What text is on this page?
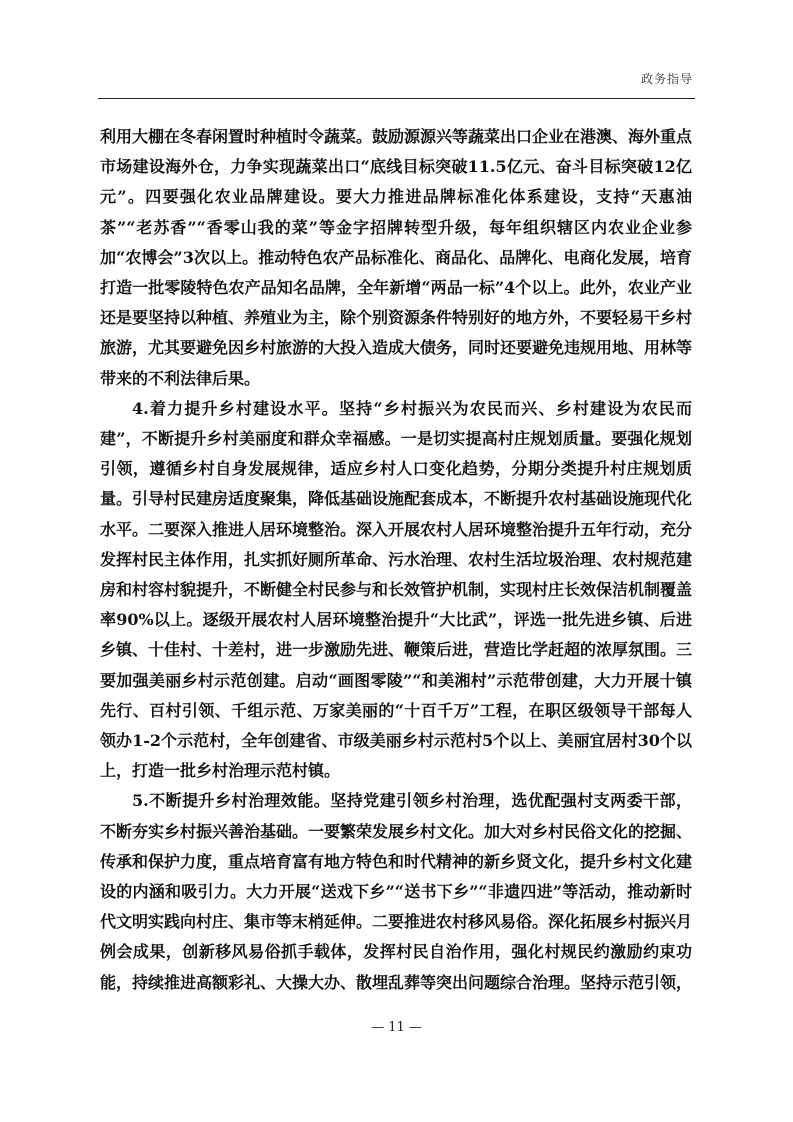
政务指导

利用大棚在冬春闲置时种植时令蔬菜。鼓励源源兴等蔬菜出口企业在港澳、海外重点市场建设海外仓，力争实现蔬菜出口“底线目标突破11.5亿元、奋斗目标突破12亿元”。四要强化农业品牌建设。要大力推进品牌标准化体系建设，支持“天惠油茶”“老苏香”“香零山我的菜”等金字招牌转型升级，每年组织辖区内农业企业参加“农博会”3次以上。推动特色农产品标准化、商品化、品牌化、电商化发展，培育打造一批零陵特色农产品知名品牌，全年新增“两品一标”4个以上。此外，农业产业还是要坚持以种植、养殖业为主，除个别资源条件特别好的地方外，不要轻易干乡村旅游，尤其要避免因乡村旅游的大投入造成大债务，同时还要避免违规用地、用林等带来的不利法律后果。

4.着力提升乡村建设水平。坚持“乡村振兴为农民而兴、乡村建设为农民而建”，不断提升乡村美丽度和群众幸福感。一是切实提高村庄规划质量。要强化规划引领，遵循乡村自身发展规律，适应乡村人口变化趋势，分期分类提升村庄规划质量。引导村民建房适度聚集，降低基础设施配套成本，不断提升农村基础设施现代化水平。二要深入推进人居环境整治。深入开展农村人居环境整治提升五年行动，充分发挥村民主体作用，扎实抓好厕所革命、污水治理、农村生活垃圾治理、农村规范建房和村容村貌提升，不断健全村民参与和长效管护机制，实现村庄长效保洁机制覆盖率90%以上。逐级开展农村人居环境整治提升“大比武”，评选一批先进乡镇、后进乡镇、十佳村、十差村，进一步激励先进、鞭策后进，营造比学赶超的浓厚氛围。三要加强美丽乡村示范创建。启动“画图零陵”“和美湘村”示范带创建，大力开展十镇先行、百村引领、千组示范、万家美丽的“十百千万”工程，在职区级领导干部每人领办1-2个示范村，全年创建省、市级美丽乡村示范村5个以上、美丽宜居村30个以上，打造一批乡村治理示范村镇。

5.不断提升乡村治理效能。坚持党建引领乡村治理，选优配强村支两委干部，不断夯实乡村振兴善治基础。一要繁荣发展乡村文化。加大对乡村民俗文化的挖掘、传承和保护力度，重点培育富有地方特色和时代精神的新乡贤文化，提升乡村文化建设的内涵和吸引力。大力开展“送戏下乡”“送书下乡”“非遗四进”等活动，推动新时代文明实践向村庄、集市等末梢延伸。二要推进农村移风易俗。深化拓展乡村振兴月例会成果，创新移风易俗抓手载体，发挥村民自治作用，强化村规民约激励约束功能，持续推进高额彩礼、大操大办、散埋乱葬等突出问题综合治理。坚持示范引领，

— 11 —
